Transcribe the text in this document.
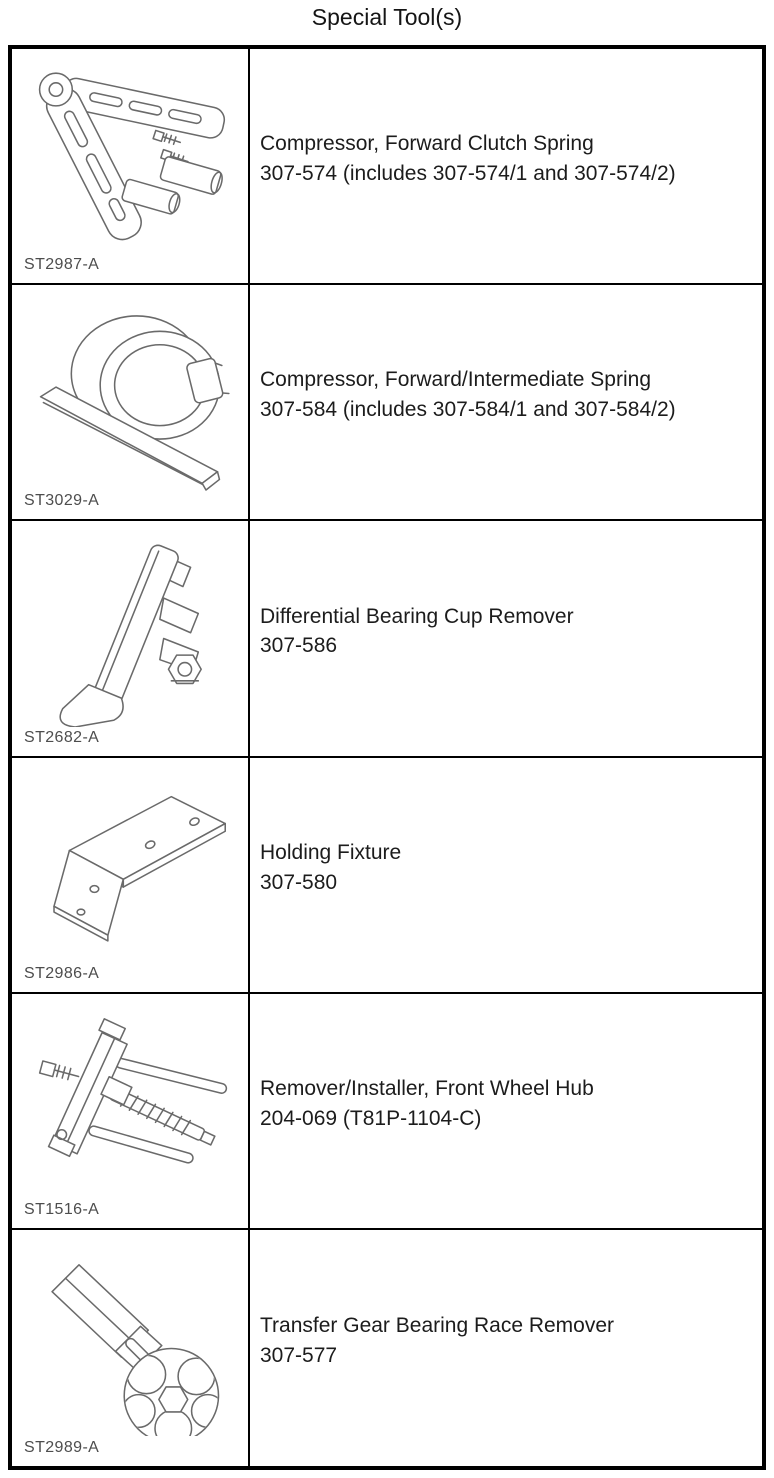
Special Tool(s)
ST2987-A
Compressor, Forward Clutch Spring
307-574 (includes 307-574/1 and 307-574/2)
ST3029-A
Compressor, Forward/Intermediate Spring
307-584 (includes 307-584/1 and 307-584/2)
ST2682-A
Differential Bearing Cup Remover
307-586
ST2986-A
Holding Fixture
307-580
ST1516-A
Remover/Installer, Front Wheel Hub
204-069 (T81P-1104-C)
ST2989-A
Transfer Gear Bearing Race Remover
307-577
